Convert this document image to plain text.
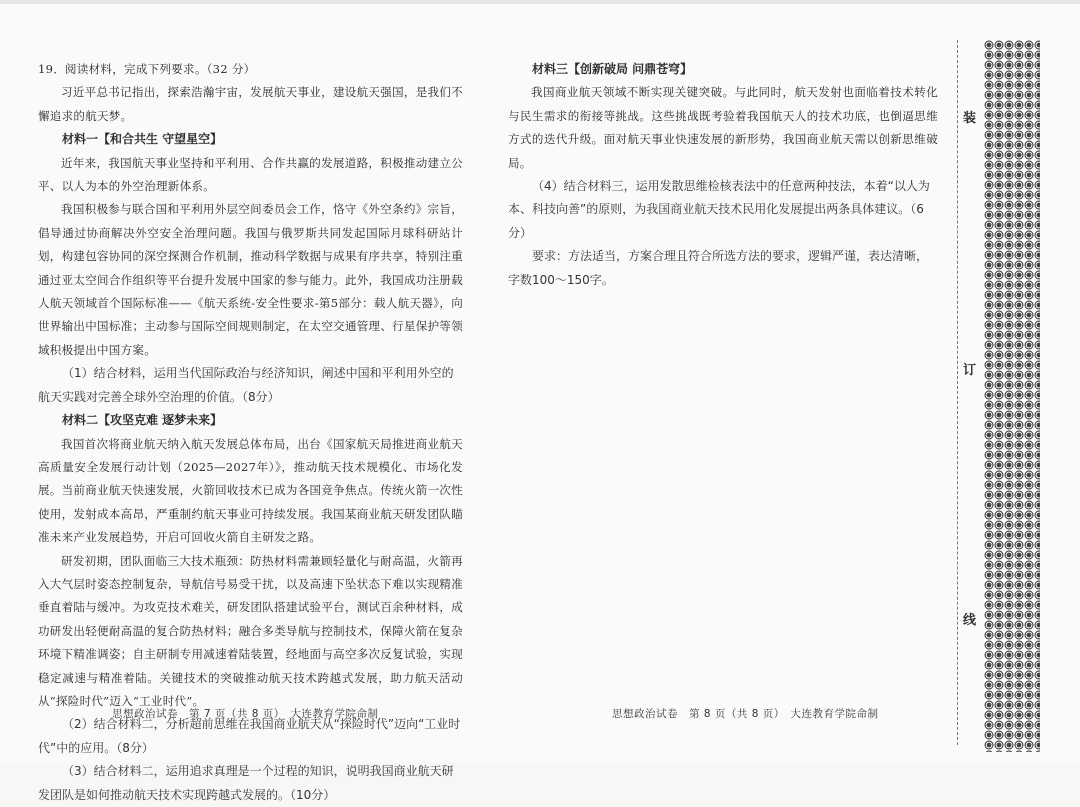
19．阅读材料，完成下列要求。（32 分）

习近平总书记指出，探索浩瀚宇宙，发展航天事业，建设航天强国，是我们不懈追求的航天梦。

材料一【和合共生 守望星空】

近年来，我国航天事业坚持和平利用、合作共赢的发展道路，积极推动建立公平、以人为本的外空治理新体系。

我国积极参与联合国和平利用外层空间委员会工作，恪守《外空条约》宗旨，倡导通过协商解决外空安全治理问题。我国与俄罗斯共同发起国际月球科研站计划，构建包容协同的深空探测合作机制，推动科学数据与成果有序共享，特别注重通过亚太空间合作组织等平台提升发展中国家的参与能力。此外，我国成功注册载人航天领域首个国际标准——《航天系统-安全性要求-第5部分：载人航天器》，向世界输出中国标准；主动参与国际空间规则制定，在太空交通管理、行星保护等领域积极提出中国方案。

（1）结合材料，运用当代国际政治与经济知识，阐述中国和平利用外空的航天实践对完善全球外空治理的价值。（8分）

材料二【攻坚克难 逐梦未来】

我国首次将商业航天纳入航天发展总体布局，出台《国家航天局推进商业航天高质量安全发展行动计划（2025—2027年）》，推动航天技术规模化、市场化发展。当前商业航天快速发展，火箭回收技术已成为各国竞争焦点。传统火箭一次性使用，发射成本高昂，严重制约航天事业可持续发展。我国某商业航天研发团队瞄准未来产业发展趋势，开启可回收火箭自主研发之路。

研发初期，团队面临三大技术瓶颈：防热材料需兼顾轻量化与耐高温，火箭再入大气层时姿态控制复杂，导航信号易受干扰，以及高速下坠状态下难以实现精准垂直着陆与缓冲。为攻克技术难关，研发团队搭建试验平台，测试百余种材料，成功研发出轻便耐高温的复合防热材料；融合多类导航与控制技术，保障火箭在复杂环境下精准调姿；自主研制专用减速着陆装置，经地面与高空多次反复试验，实现稳定减速与精准着陆。关键技术的突破推动航天技术跨越式发展，助力航天活动从“探险时代”迈入“工业时代”。

（2）结合材料二，分析超前思维在我国商业航天从“探险时代”迈向“工业时代”中的应用。（8分）

（3）结合材料二，运用追求真理是一个过程的知识，说明我国商业航天研发团队是如何推动航天技术实现跨越式发展的。（10分）

思想政治试卷　第 7 页（共 8 页）　大连教育学院命制

材料三【创新破局 问鼎苍穹】

我国商业航天领域不断实现关键突破。与此同时，航天发射也面临着技术转化与民生需求的衔接等挑战。这些挑战既考验着我国航天人的技术功底，也倒逼思维方式的迭代升级。面对航天事业快速发展的新形势，我国商业航天需以创新思维破局。

（4）结合材料三，运用发散思维检核表法中的任意两种技法，本着“以人为本、科技向善”的原则，为我国商业航天技术民用化发展提出两条具体建议。（6分）

要求：方法适当，方案合理且符合所选方法的要求，逻辑严谨，表达清晰，字数100～150字。

思想政治试卷　第 8 页（共 8 页）　大连教育学院命制
装
订
线
